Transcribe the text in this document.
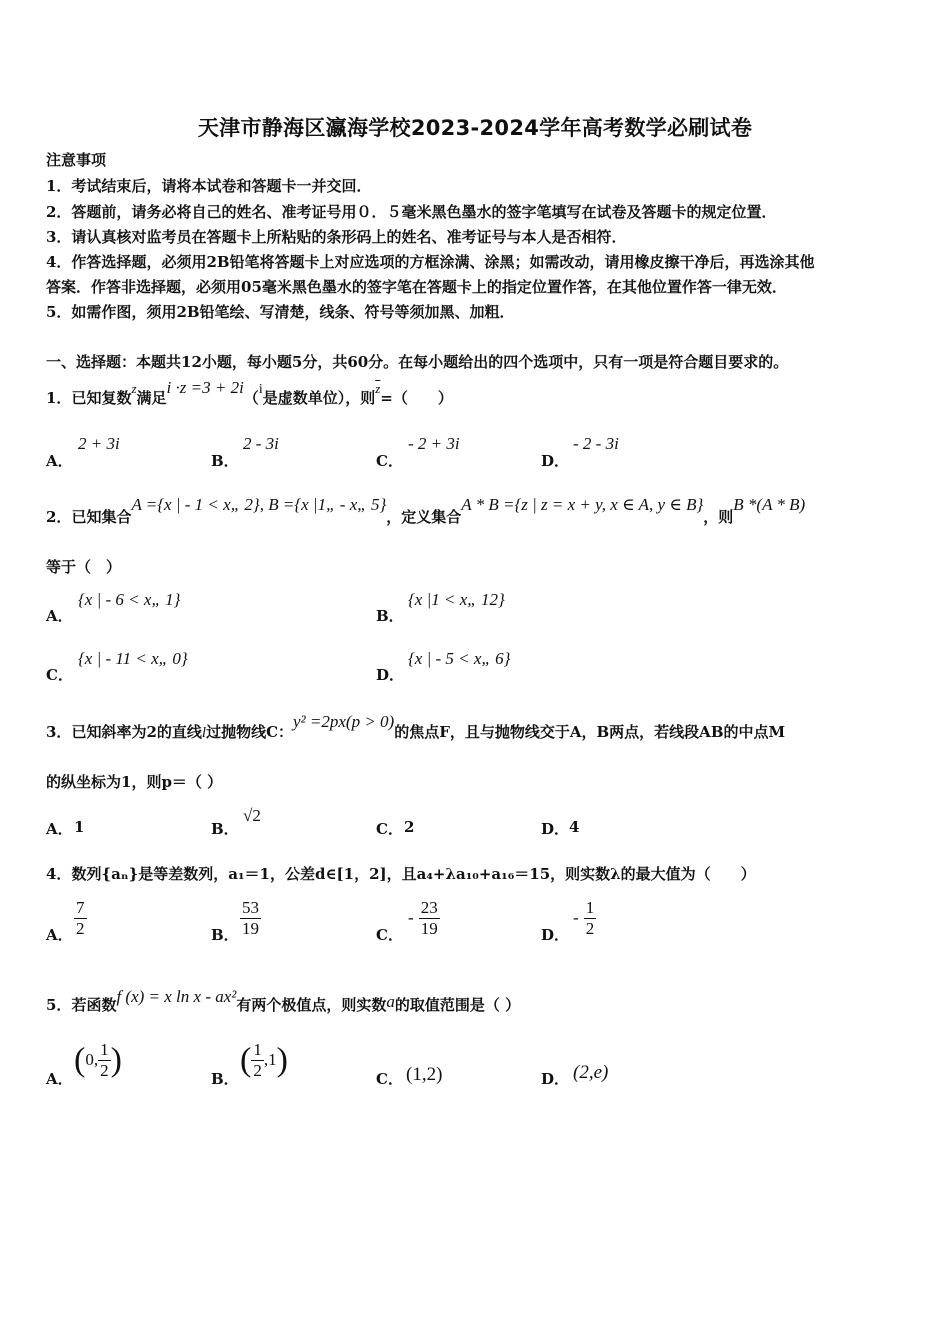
天津市静海区瀛海学校2023-2024学年高考数学必刷试卷
注意事项
1．考试结束后，请将本试卷和答题卡一并交回．
2．答题前，请务必将自己的姓名、准考证号用０．５毫米黑色墨水的签字笔填写在试卷及答题卡的规定位置．
3．请认真核对监考员在答题卡上所粘贴的条形码上的姓名、准考证号与本人是否相符．
4．作答选择题，必须用2B铅笔将答题卡上对应选项的方框涂满、涂黑；如需改动，请用橡皮擦干净后，再选涂其他
答案．作答非选择题，必须用05毫米黑色墨水的签字笔在答题卡上的指定位置作答，在其他位置作答一律无效．
5．如需作图，须用2B铅笔绘、写清楚，线条、符号等须加黑、加粗．
一、选择题：本题共12小题，每小题5分，共60分。在每小题给出的四个选项中，只有一项是符合题目要求的。
1．已知复数z满足i ·z =3 + 2i（i是虚数单位），则$\overline{z}=$（　　）
A．
2 + 3i
B．
2 - 3i
C．
- 2 + 3i
D．
- 2 - 3i
2．已知集合A ={x | - 1 < x„ 2}, B ={x |1„ - x„ 5}，定义集合A * B ={z | z = x + y, x ∈ A, y ∈ B}，则B *(A * B)
等于（　）
A．
{x | - 6 < x„ 1}
B．
{x |1 < x„ 12}
C．
{x | - 11 < x„ 0}
D．
{x | - 5 < x„ 6}
3．已知斜率为2的直线l过抛物线C：y² =2px(p > 0)的焦点F，且与抛物线交于A，B两点，若线段AB的中点M
的纵坐标为1，则p＝（ ）
A． 1	B．
√2
C． 2	D． 4
4．数列{aₙ}是等差数列，a₁＝1，公差d∈[1，2]，且a₄+λa₁₀+a₁₆＝15，则实数λ的最大值为（　　）
A． $\frac{7}{2}$	B． $\frac{53}{19}$	C．
- $\frac{23}{19}$	D．
- $\frac{1}{2}$
5．若函数f (x) = x ln x - ax²有两个极值点，则实数a的取值范围是（ ）
A．
(0, $\frac{1}{2}$ )
B．
( $\frac{1}{2} ,1$)
C． (1,2)	D． (2,e)
